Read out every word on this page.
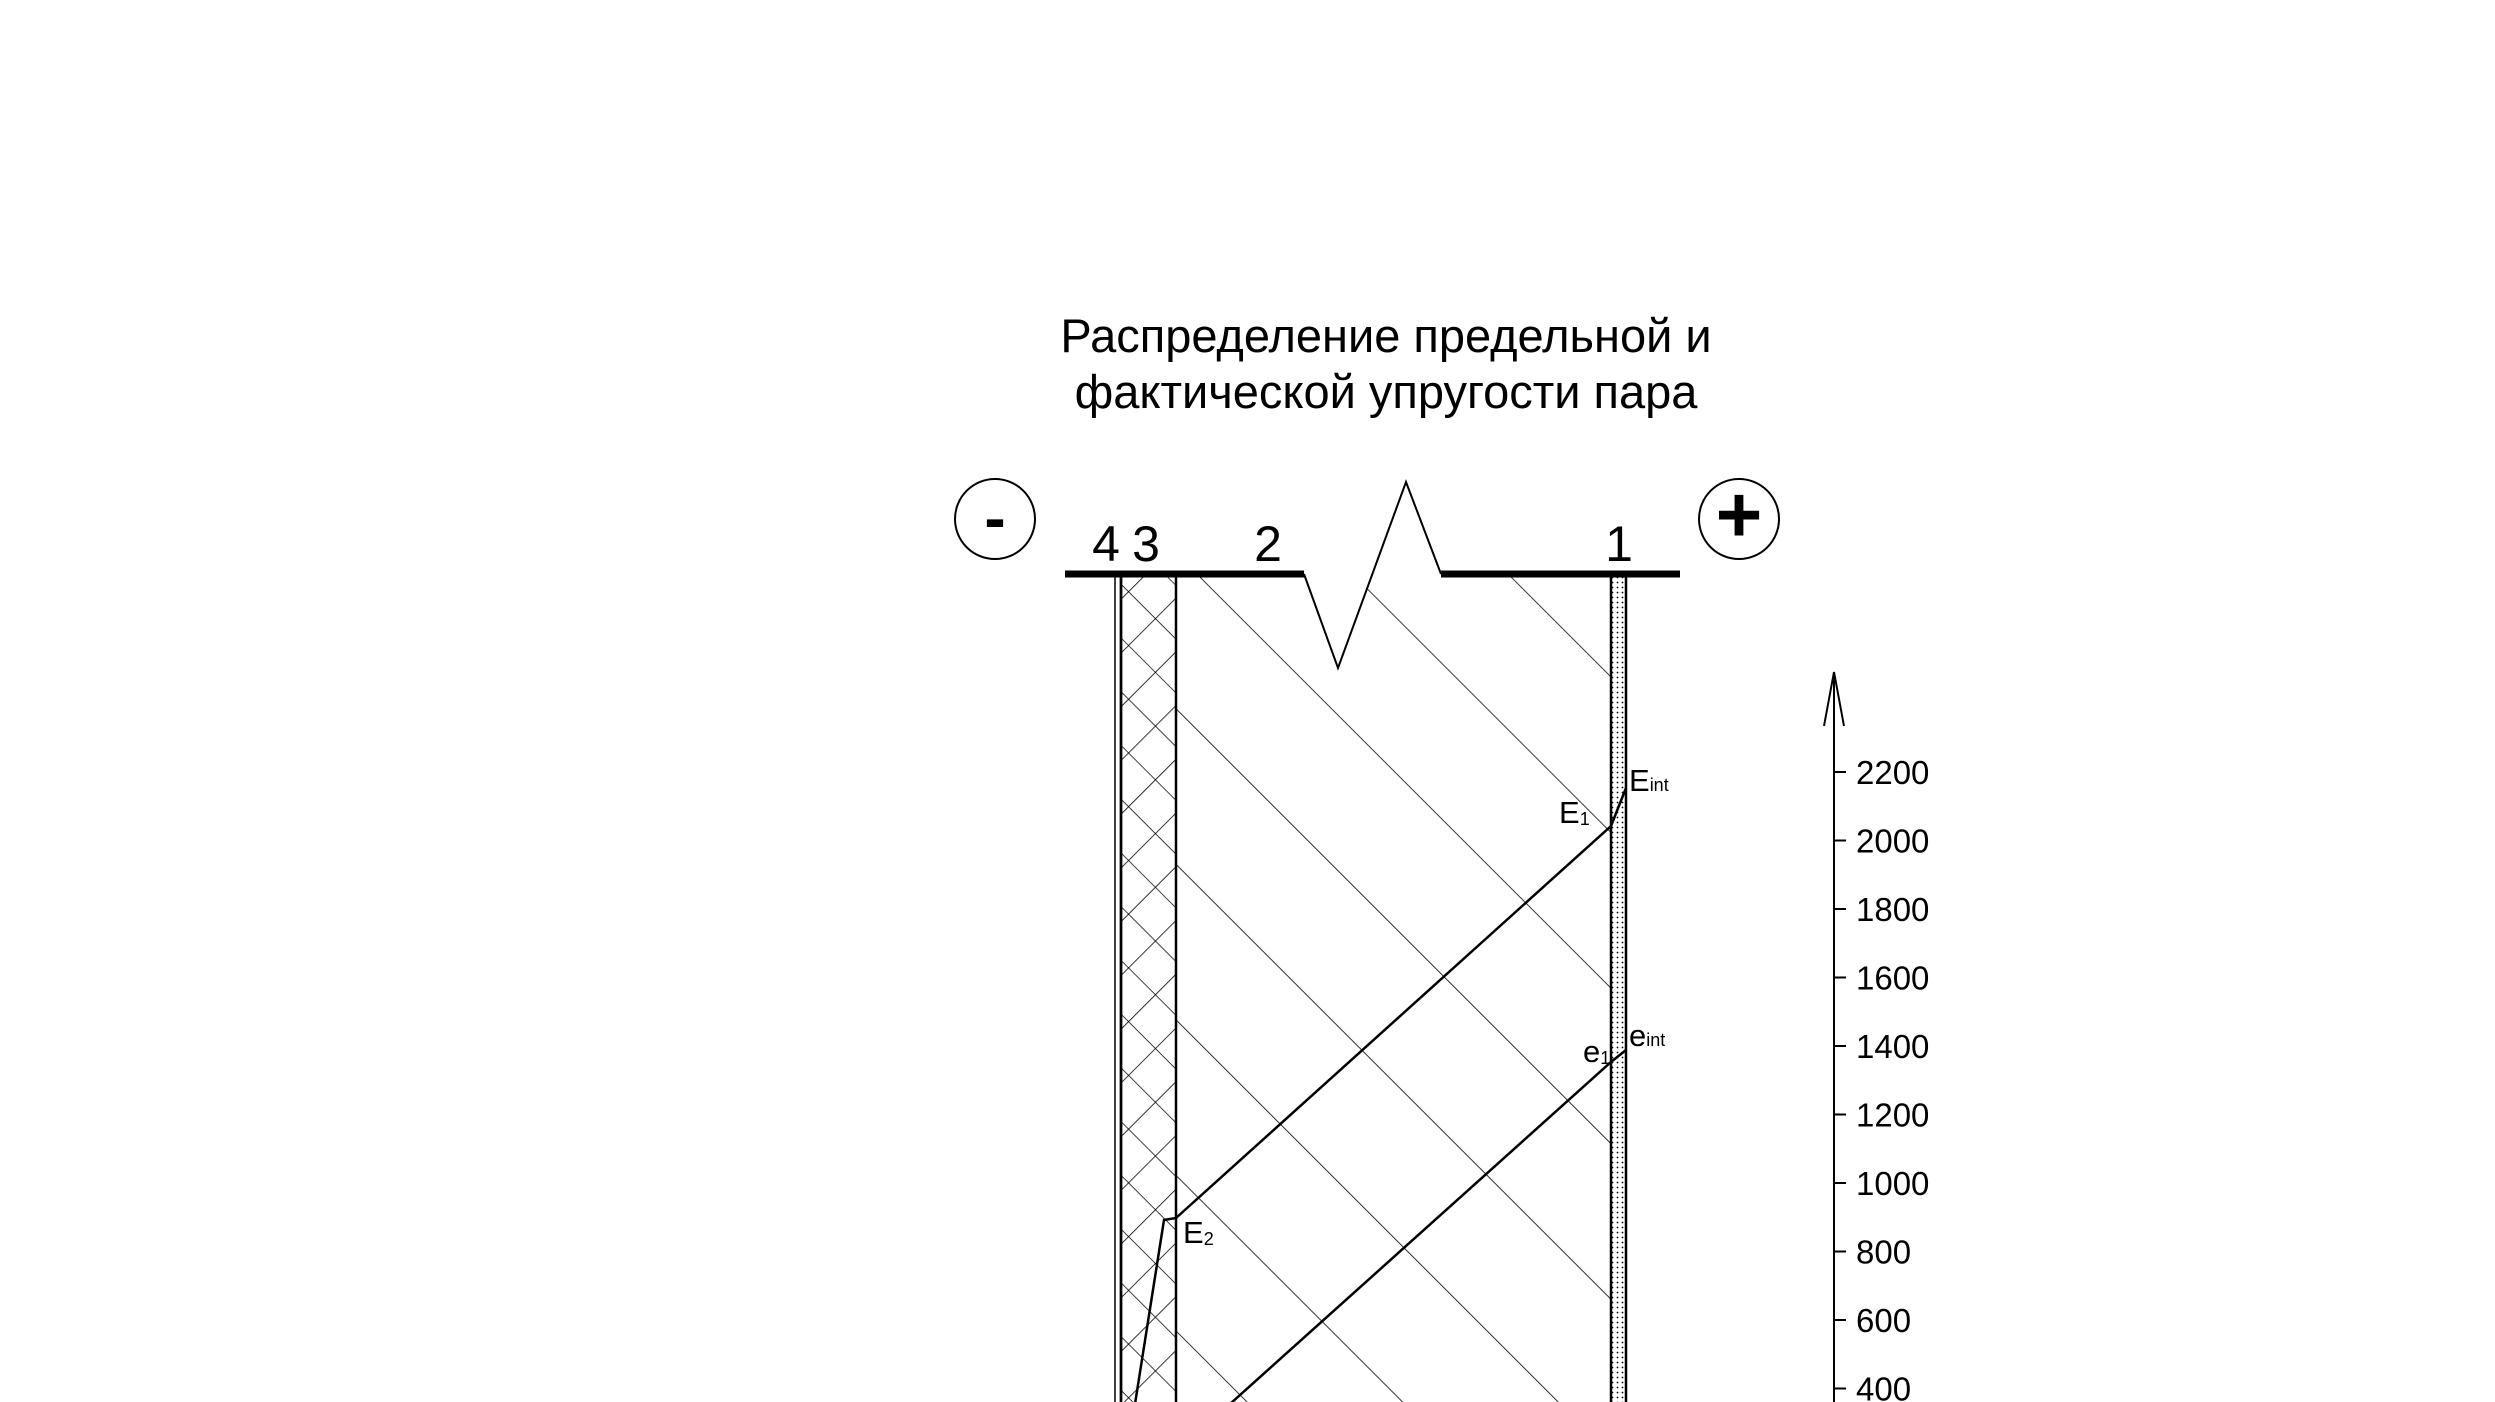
Распределение предельной и
фактической упругости пара
-	+
4 3 2	1
Eint
E1
E2
eint
e1
2200
2000
1800
1600
1400
1200
1000
800
600
400
